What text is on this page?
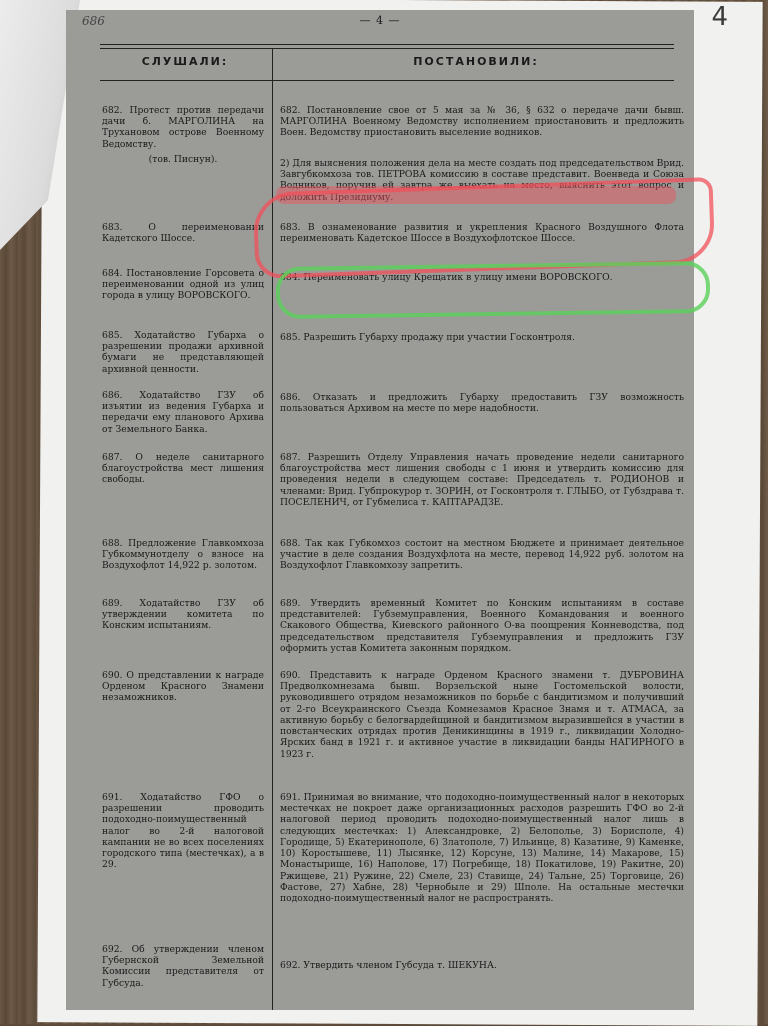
4
686	— 4 —
СЛУШАЛИ:	ПОСТАНОВИЛИ:
682. Протест против передачи дачи б. МАРГОЛИНА на Трухановом острове Военному Ведомству.
(тов. Писнун).
683. О переименовании Кадетского Шоссе.
684. Постановление Горсовета о переименовании одной из улиц города в улицу ВОРОВСКОГО.
685. Ходатайство Губарха о разрешении продажи архивной бумаги не представляющей архивной ценности.
686. Ходатайство ГЗУ об изъятии из ведения Губарха и передачи ему планового Архива от Земельного Банка.
687. О неделе санитарного благоустройства мест лишения свободы.
688. Предложение Главкомхоза Губкоммунотделу о взносе на Воздухофлот 14,922 р. золотом.
689. Ходатайство ГЗУ об утверждении комитета по Конским испытаниям.
690. О представлении к награде Орденом Красного Знамени незаможников.
691. Ходатайство ГФО о разрешении проводить подоходно-поимущественный налог во 2-й налоговой кампании не во всех поселениях городского типа (местечках), а в 29.
692. Об утверждении членом Губернской Земельной Комиссии представителя от Губсуда.
682. Постановление свое от 5 мая за № 36, § 632 о передаче дачи бывш. МАРГОЛИНА Военному Ведомству исполнением приостановить и предложить Воен. Ведомству приостановить выселение водников.
2) Для выяснения положения дела на месте создать под председательством Врид. Завгубкомхоза тов. ПЕТРОВА комиссию в составе представит. Военведа и Союза Водников, поручив ей завтра же выехать на место, выяснить этот вопрос и доложить Президиуму.
683. В ознаменование развития и укрепления Красного Воздушного Флота переименовать Кадетское Шоссе в Воздухофлотское Шоссе.
684. Переименовать улицу Крещатик в улицу имени ВОРОВСКОГО.
685. Разрешить Губарху продажу при участии Госконтроля.
686. Отказать и предложить Губарху предоставить ГЗУ возможность пользоваться Архивом на месте по мере надобности.
687. Разрешить Отделу Управления начать проведение недели санитарного благоустройства мест лишения свободы с 1 июня и утвердить комиссию для проведения недели в следующем составе: Председатель т. РОДИОНОВ и членами: Врид. Губпрокурор т. ЗОРИН, от Госконтроля т. ГЛЫБО, от Губздрава т. ПОСЕЛЕНИЧ, от Губмелиса т. КАПТАРАДЗЕ.
688. Так как Губкомхоз состоит на местном Бюджете и принимает деятельное участие в деле создания Воздухфлота на месте, перевод 14,922 руб. золотом на Воздухофлот Главкомхозу запретить.
689. Утвердить временный Комитет по Конским испытаниям в составе представителей: Губземуправления, Военного Командования и военного Скакового Общества, Киевского районного О-ва поощрения Конневодства, под председательством представителя Губземуправления и предложить ГЗУ оформить устав Комитета законным порядком.
690. Представить к награде Орденом Красного знамени т. ДУБРОВИНА Предволкомнезама бывш. Ворзельской ныне Гостомельской волости, руководившего отрядом незаможников по борьбе с бандитизмом и получивший от 2-го Всеукраинского Съезда Комнезамов Красное Знамя и т. АТМАСА, за активную борьбу с белогвардейщиной и бандитизмом выразившейся в участии в повстанческих отрядах против Деникинщины в 1919 г., ликвидации Холодно-Ярских банд в 1921 г. и активное участие в ликвидации банды НАГИРНОГО в 1923 г.
691. Принимая во внимание, что подоходно-поимущественный налог в некоторых местечках не покроет даже организационных расходов разрешить ГФО во 2-й налоговой период проводить подоходно-поимущественный налог лишь в следующих местечках: 1) Александровке, 2) Белополье, 3) Борисполе, 4) Городище, 5) Екатеринополе, 6) Златополе, 7) Ильинце, 8) Казатине, 9) Каменке, 10) Коростышеве, 11) Лысянке, 12) Корсуне, 13) Малине, 14) Макарове, 15) Монастырище, 16) Наполове, 17) Погребище, 18) Покатилове, 19) Ракитне, 20) Ржищеве, 21) Ружине, 22) Смеле, 23) Ставище, 24) Тальне, 25) Торговице, 26) Фастове, 27) Хабне, 28) Чернобыле и 29) Шполе. На остальные местечки подоходно-поимущественный налог не распространять.
692. Утвердить членом Губсуда т. ШЕКУНА.
